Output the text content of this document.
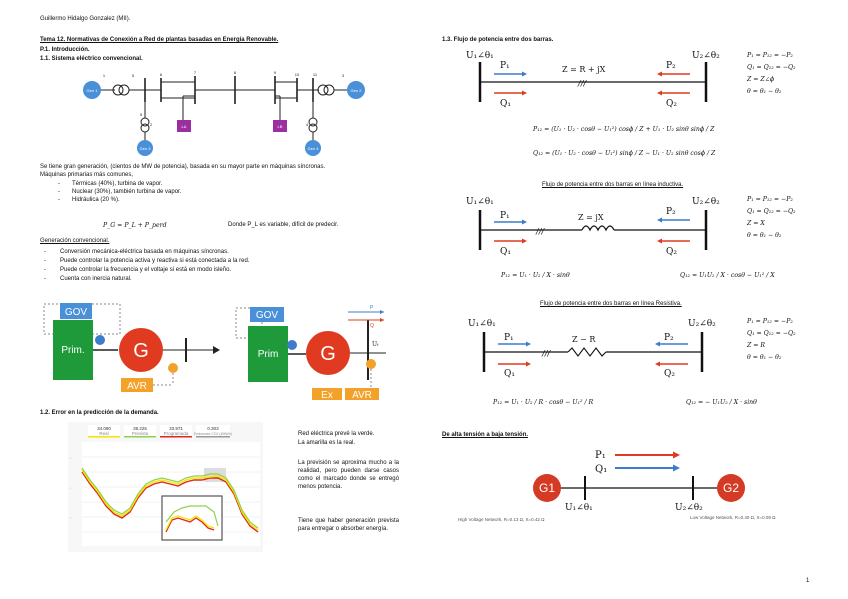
Guillermo Hidalgo Gonzalez (MII).
Tema 12. Normativas de Conexión a Red de plantas basadas en Energía Renovable.
P.1. Introducción.
1.1. Sistema eléctrico convencional.
Gen 1	Gen 2
Gen 3	Gen 4
LA	LB
1
5
5	6	7	8	9	10	11	3
2	4
Se tiene gran generación, (cientos de MW de potencia), basada en su mayor parte en máquinas síncronas.
Máquinas primarias más comunes,
- Térmicas (40%), turbina de vapor.
- Nuclear (30%), también turbina de vapor.
- Hidráulica (20 %).
P_G = P_L + P_perd	Donde P_L es variable, difícil de predecir.
Generación convencional.
- Conversión mecánica-eléctrica basada en máquinas síncronas.
- Puede controlar la potencia activa y reactiva si está conectada a la red.
- Puede controlar la frecuencia y el voltaje si está en modo isleño.
- Cuenta con inercia natural.
GOV
Prim. G
AVR
GOV
Prim G
P
Q
Uₜ
Ex AVR
1.2. Error en la predicción de la demanda.
34.090
Real
35.226
Prevista
33.971
Programada
0.303
Emisiones CO2 (t/MWh)
▪
▪
▪
Red eléctrica prevé la verde.
La amarilla es la real.
La previsión se aproxima mucho a la realidad, pero pueden darse casos como el marcado donde se entregó menos potencia.
Tiene que haber generación prevista para entregar o absorber energía.
1.3. Flujo de potencia entre dos barras.
U₁∠θ₁	U₂∠θ₂
Z = R + jX
P₁	P₂
Q₁	Q₂
///
P₁ = P₁₂ = −P₂
Q₁ = Q₁₂ = −Q₂
Z = Z∠ϕ
θ = θ₁ − θ₂
P₁₂ = (U₁ · U₂ · cosθ − U₁²) cosϕ / Z + U₁ · U₂ sinθ sinϕ / Z
Q₁₂ = (U₁ · U₂ · cosθ − U₁²) sinϕ / Z − U₁ · U₂ sinθ cosϕ / Z
Flujo de potencia entre dos barras en línea inductiva.
U₁∠θ₁	U₂∠θ₂
Z = jX
P₁	P₂
Q₁	Q₂
///
P₁ = P₁₂ = −P₂
Q₁ = Q₁₂ = −Q₂
Z = X
θ = θ₁ − θ₂
P₁₂ = U₁ · U₂ / X · sinθ	Q₁₂ = U₁U₂ / X · cosθ − U₁² / X
Flujo de potencia entre dos barras en línea Resistiva.
U₁∠θ₁	U₂∠θ₂
Z − R
P₁	P₂
Q₁	Q₂
///
P₁ = P₁₂ = −P₂
Q₁ = Q₁₂ = −Q₂
Z = R
θ = θ₁ − θ₂
P₁₂ = U₁ · U₂ / R · cosθ − U₁² / R	Q₁₂ = − U₁U₂ / X · sinθ
De alta tensión a baja tensión.
G1	G2
P₁
Q₁
U₁∠θ₁	U₂∠θ₂
High Voltage Network, R=0.13 Ω, X=0.42 Ω	Low Voltage Network, R=0.40 Ω, X=0.09 Ω
1
